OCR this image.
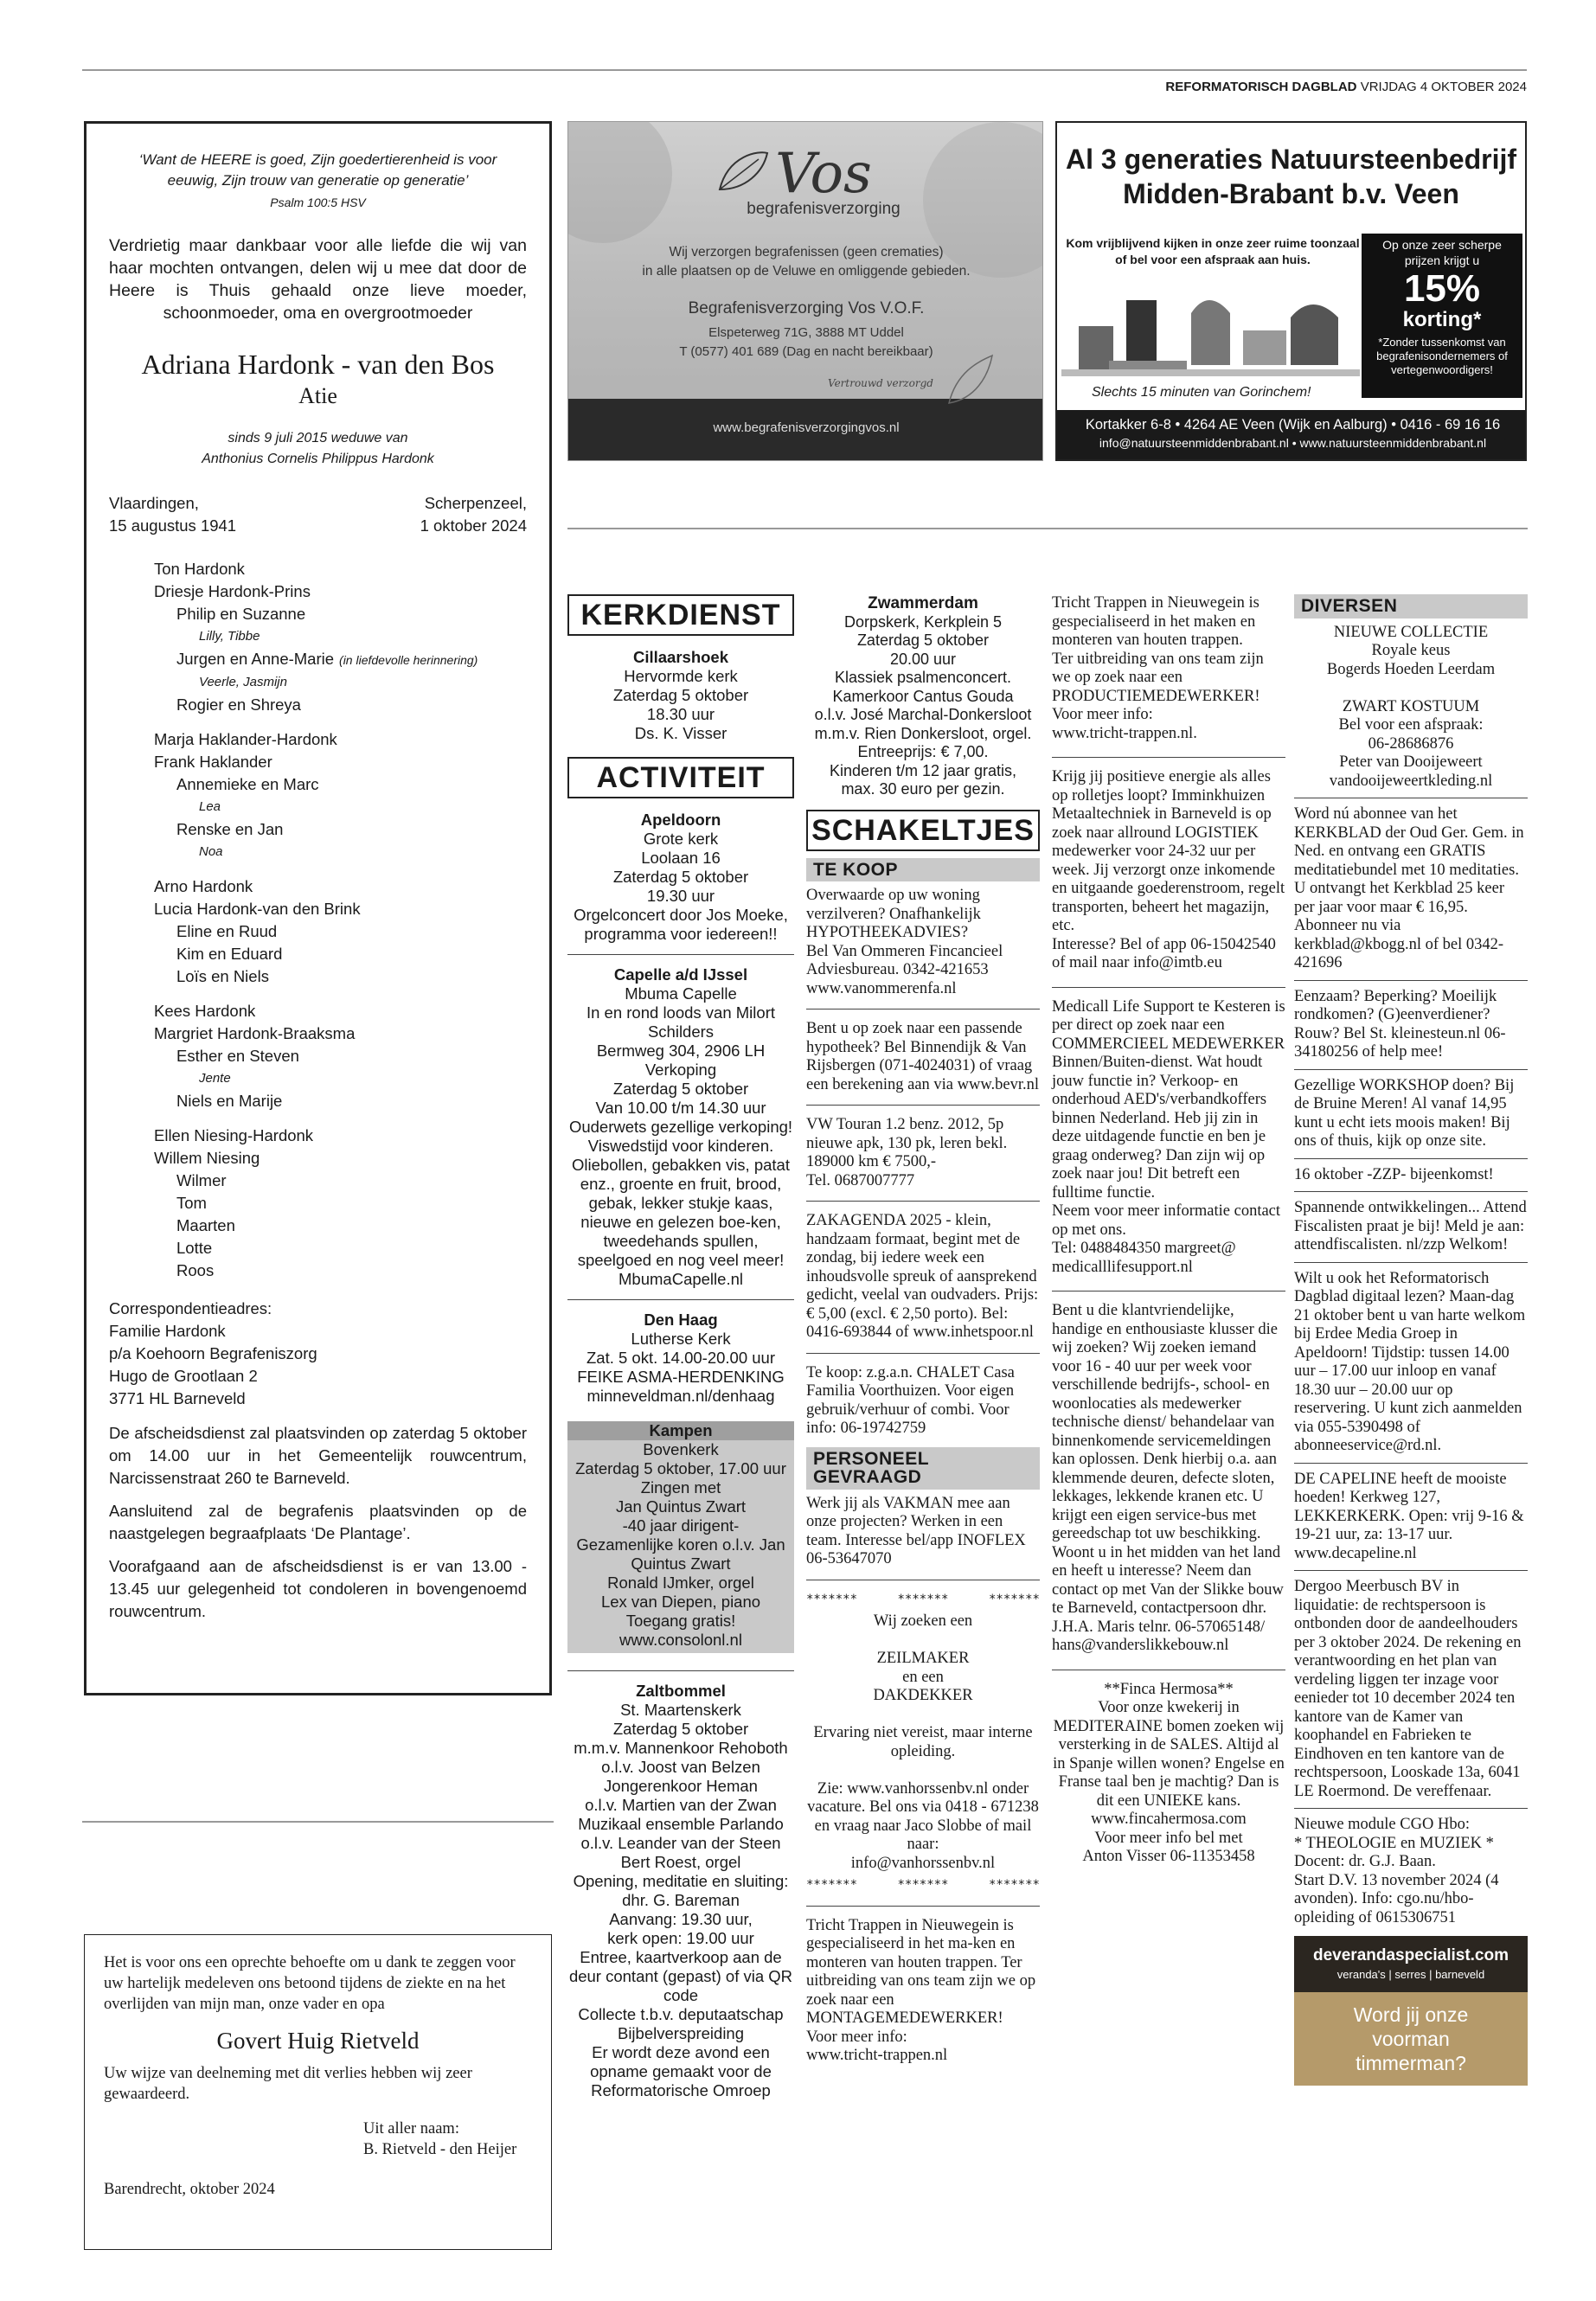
REFORMATORISCH DAGBLAD VRIJDAG 4 OKTOBER 2024
‘Want de HEERE is goed, Zijn goedertierenheid is voor eeuwig, Zijn trouw van generatie op generatie’
Psalm 100:5 HSV
Verdrietig maar dankbaar voor alle liefde die wij van haar mochten ontvangen, delen wij u mee dat door de Heere is Thuis gehaald onze lieve moeder, schoonmoeder, oma en overgrootmoeder
Adriana Hardonk - van den Bos
Atie
sinds 9 juli 2015 weduwe van
Anthonius Cornelis Philippus Hardonk
Vlaardingen,
15 augustus 1941
Scherpenzeel,
1 oktober 2024
Ton Hardonk
Driesje Hardonk-Prins
Philip en Suzanne
Lilly, Tibbe
Jurgen en Anne-Marie (in liefdevolle herinnering)
Veerle, Jasmijn
Rogier en Shreya
Marja Haklander-Hardonk
Frank Haklander
Annemieke en Marc
Lea
Renske en Jan
Noa
Arno Hardonk
Lucia Hardonk-van den Brink
Eline en Ruud
Kim en Eduard
Loïs en Niels
Kees Hardonk
Margriet Hardonk-Braaksma
Esther en Steven
Jente
Niels en Marije
Ellen Niesing-Hardonk
Willem Niesing
Wilmer
Tom
Maarten
Lotte
Roos
Correspondentieadres:
Familie Hardonk
p/a Koehoorn Begrafeniszorg
Hugo de Grootlaan 2
3771 HL Barneveld
De afscheidsdienst zal plaatsvinden op zaterdag 5 oktober om 14.00 uur in het Gemeentelijk rouwcentrum, Narcissenstraat 260 te Barneveld.
Aansluitend zal de begrafenis plaatsvinden op de naastgelegen begraafplaats ‘De Plantage’.
Voorafgaand aan de afscheidsdienst is er van 13.00 - 13.45 uur gelegenheid tot condoleren in bovengenoemd rouwcentrum.
Het is voor ons een oprechte behoefte om u dank te zeggen voor uw hartelijk medeleven ons betoond tijdens de ziekte en na het overlijden van mijn man, onze vader en opa
Govert Huig Rietveld
Uw wijze van deelneming met dit verlies hebben wij zeer gewaardeerd.
Uit aller naam:
B. Rietveld - den Heijer
Barendrecht, oktober 2024
Vos
begrafenisverzorging
Wij verzorgen begrafenissen (geen crematies)
in alle plaatsen op de Veluwe en omliggende gebieden.
Begrafenisverzorging Vos V.O.F.
Elspeterweg 71G, 3888 MT Uddel
T (0577) 401 689 (Dag en nacht bereikbaar)
Vertrouwd verzorgd
www.begrafenisverzorgingvos.nl
Al 3 generaties Natuursteenbedrijf
Midden-Brabant b.v. Veen
Kom vrijblijvend kijken in onze zeer ruime toonzaal of bel voor een afspraak aan huis.
Op onze zeer scherpe prijzen krijgt u
15%
korting*
*Zonder tussenkomst van begrafenisondernemers of vertegenwoordigers!
Slechts 15 minuten van Gorinchem!
Kortakker 6-8 • 4264 AE Veen (Wijk en Aalburg) • 0416 - 69 16 16
info@natuursteenmiddenbrabant.nl • www.natuursteenmiddenbrabant.nl
KERKDIENST
Cillaarshoek
Hervormde kerk
Zaterdag 5 oktober
18.30 uur
Ds. K. Visser
ACTIVITEIT
Apeldoorn
Grote kerk
Loolaan 16
Zaterdag 5 oktober
19.30 uur
Orgelconcert door Jos Moeke, programma voor iedereen!!
Capelle a/d IJssel
Mbuma Capelle
In en rond loods van Milort Schilders
Bermweg 304, 2906 LH
Verkoping
Zaterdag 5 oktober
Van 10.00 t/m 14.30 uur
Ouderwets gezellige verkoping!
Viswedstijd voor kinderen.
Oliebollen, gebakken vis, patat enz., groente en fruit, brood, gebak, lekker stukje kaas, nieuwe en gelezen boe-ken, tweedehands spullen, speelgoed en nog veel meer!
MbumaCapelle.nl
Den Haag
Lutherse Kerk
Zat. 5 okt. 14.00-20.00 uur
FEIKE ASMA-HERDENKING
minneveldman.nl/denhaag
Kampen
Bovenkerk
Zaterdag 5 oktober, 17.00 uur
Zingen met
Jan Quintus Zwart
-40 jaar dirigent-
Gezamenlijke koren o.l.v. Jan Quintus Zwart
Ronald IJmker, orgel
Lex van Diepen, piano
Toegang gratis!
www.consolonl.nl
Zaltbommel
St. Maartenskerk
Zaterdag 5 oktober
m.m.v. Mannenkoor Rehoboth o.l.v. Joost van Belzen
Jongerenkoor Heman
o.l.v. Martien van der Zwan
Muzikaal ensemble Parlando o.l.v. Leander van der Steen
Bert Roest, orgel
Opening, meditatie en sluiting: dhr. G. Bareman
Aanvang: 19.30 uur,
kerk open: 19.00 uur
Entree, kaartverkoop aan de deur contant (gepast) of via QR code
Collecte t.b.v. deputaatschap Bijbelverspreiding
Er wordt deze avond een opname gemaakt voor de Reformatorische Omroep
Zwammerdam
Dorpskerk, Kerkplein 5
Zaterdag 5 oktober
20.00 uur
Klassiek psalmenconcert.
Kamerkoor Cantus Gouda
o.l.v. José Marchal-Donkersloot
m.m.v. Rien Donkersloot, orgel.
Entreeprijs: € 7,00.
Kinderen t/m 12 jaar gratis,
max. 30 euro per gezin.
SCHAKELTJES
TE KOOP
Overwaarde op uw woning verzilveren? Onafhankelijk HYPOTHEEKADVIES?
Bel Van Ommeren Fincancieel Adviesbureau. 0342-421653
www.vanommerenfa.nl
Bent u op zoek naar een passende hypotheek? Bel Binnendijk & Van Rijsbergen (071-4024031) of vraag een berekening aan via www.bevr.nl
VW Touran 1.2 benz. 2012, 5p nieuwe apk, 130 pk, leren bekl. 189000 km € 7500,-
Tel. 0687007777
ZAKAGENDA 2025 - klein, handzaam formaat, begint met de zondag, bij iedere week een inhoudsvolle spreuk of aansprekend gedicht, veelal van oudvaders. Prijs: € 5,00 (excl. € 2,50 porto). Bel: 0416-693844 of www.inhetspoor.nl
Te koop: z.g.a.n. CHALET Casa Familia Voorthuizen. Voor eigen gebruik/verhuur of combi. Voor info: 06-19742759
PERSONEEL GEVRAAGD
Werk jij als VAKMAN mee aan onze projecten? Werken in een team. Interesse bel/app INOFLEX 06-53647070
*******	*******	*******
Wij zoeken een

ZEILMAKER
en een
DAKDEKKER

Ervaring niet vereist, maar interne opleiding.

Zie: www.vanhorssenbv.nl onder vacature. Bel ons via 0418 - 671238 en vraag naar Jaco Slobbe of mail naar:
info@vanhorssenbv.nl
*******	*******	*******
Tricht Trappen in Nieuwegein is gespecialiseerd in het ma-ken en monteren van houten trappen. Ter uitbreiding van ons team zijn we op zoek naar een MONTAGEMEDEWERKER!
Voor meer info:
www.tricht-trappen.nl
Tricht Trappen in Nieuwegein is gespecialiseerd in het maken en monteren van houten trappen.
Ter uitbreiding van ons team zijn we op zoek naar een PRODUCTIEMEDEWERKER!
Voor meer info:
www.tricht-trappen.nl.
Krijg jij positieve energie als alles op rolletjes loopt? Imminkhuizen Metaaltechniek in Barneveld is op zoek naar allround LOGISTIEK medewerker voor 24-32 uur per week. Jij verzorgt onze inkomende en uitgaande goederenstroom, regelt transporten, beheert het magazijn, etc.
Interesse? Bel of app 06-15042540 of mail naar info@imtb.eu
Medicall Life Support te Kesteren is per direct op zoek naar een COMMERCIEEL MEDEWERKER Binnen/Buiten-dienst. Wat houdt jouw functie in? Verkoop- en onderhoud AED's/verbandkoffers binnen Nederland. Heb jij zin in deze uitdagende functie en ben je graag onderweg? Dan zijn wij op zoek naar jou! Dit betreft een fulltime functie.
Neem voor meer informatie contact op met ons.
Tel: 0488484350 margreet@ medicalllifesupport.nl
Bent u die klantvriendelijke, handige en enthousiaste klusser die wij zoeken? Wij zoeken iemand voor 16 - 40 uur per week voor verschillende bedrijfs-, school- en woonlocaties als medewerker technische dienst/ behandelaar van binnenkomende servicemeldingen kan oplossen. Denk hierbij o.a. aan klemmende deuren, defecte sloten, lekkages, lekkende kranen etc. U krijgt een eigen service-bus met gereedschap tot uw beschikking. Woont u in het midden van het land en heeft u interesse? Neem dan contact op met Van der Slikke bouw te Barneveld, contactpersoon dhr. J.H.A. Maris telnr. 06-57065148/ hans@vanderslikkebouw.nl
**Finca Hermosa**
Voor onze kwekerij in MEDITERAINE bomen zoeken wij versterking in de SALES. Altijd al in Spanje willen wonen? Engelse en Franse taal ben je machtig? Dan is dit een UNIEKE kans.
www.fincahermosa.com
Voor meer info bel met
Anton Visser 06-11353458
DIVERSEN
NIEUWE COLLECTIE
Royale keus
Bogerds Hoeden Leerdam

ZWART KOSTUUM
Bel voor een afspraak:
06-28686876
Peter van Dooijeweert
vandooijeweertkleding.nl
Word nú abonnee van het KERKBLAD der Oud Ger. Gem. in Ned. en ontvang een GRATIS meditatiebundel met 10 meditaties. U ontvangt het Kerkblad 25 keer per jaar voor maar € 16,95. Abonneer nu via kerkblad@kbogg.nl of bel 0342-421696
Eenzaam? Beperking? Moeilijk rondkomen? (G)eenverdiener? Rouw? Bel St. kleinesteun.nl 06-34180256 of help mee!
Gezellige WORKSHOP doen? Bij de Bruine Meren! Al vanaf 14,95 kunt u echt iets moois maken! Bij ons of thuis, kijk op onze site.
16 oktober -ZZP- bijeenkomst!
Spannende ontwikkelingen... Attend Fiscalisten praat je bij! Meld je aan: attendfiscalisten. nl/zzp Welkom!
Wilt u ook het Reformatorisch Dagblad digitaal lezen? Maan-dag 21 oktober bent u van harte welkom bij Erdee Media Groep in Apeldoorn! Tijdstip: tussen 14.00 uur – 17.00 uur inloop en vanaf 18.30 uur – 20.00 uur op reservering. U kunt zich aanmelden via 055-5390498 of abonneeservice@rd.nl.
DE CAPELINE heeft de mooiste hoeden! Kerkweg 127, LEKKERKERK. Open: vrij 9-16 & 19-21 uur, za: 13-17 uur. www.decapeline.nl
Dergoo Meerbusch BV in liquidatie: de rechtspersoon is ontbonden door de aandeelhouders per 3 oktober 2024. De rekening en verantwoording en het plan van verdeling liggen ter inzage voor eenieder tot 10 december 2024 ten kantore van de Kamer van koophandel en Fabrieken te Eindhoven en ten kantore van de rechtspersoon, Looskade 13a, 6041 LE Roermond. De vereffenaar.
Nieuwe module CGO Hbo:
* THEOLOGIE en MUZIEK *
Docent: dr. G.J. Baan.
Start D.V. 13 november 2024 (4 avonden). Info: cgo.nu/hbo-opleiding of 0615306751
deverandaspecialist.com
veranda's | serres | barneveld
Word jij onze
voorman
timmerman?
